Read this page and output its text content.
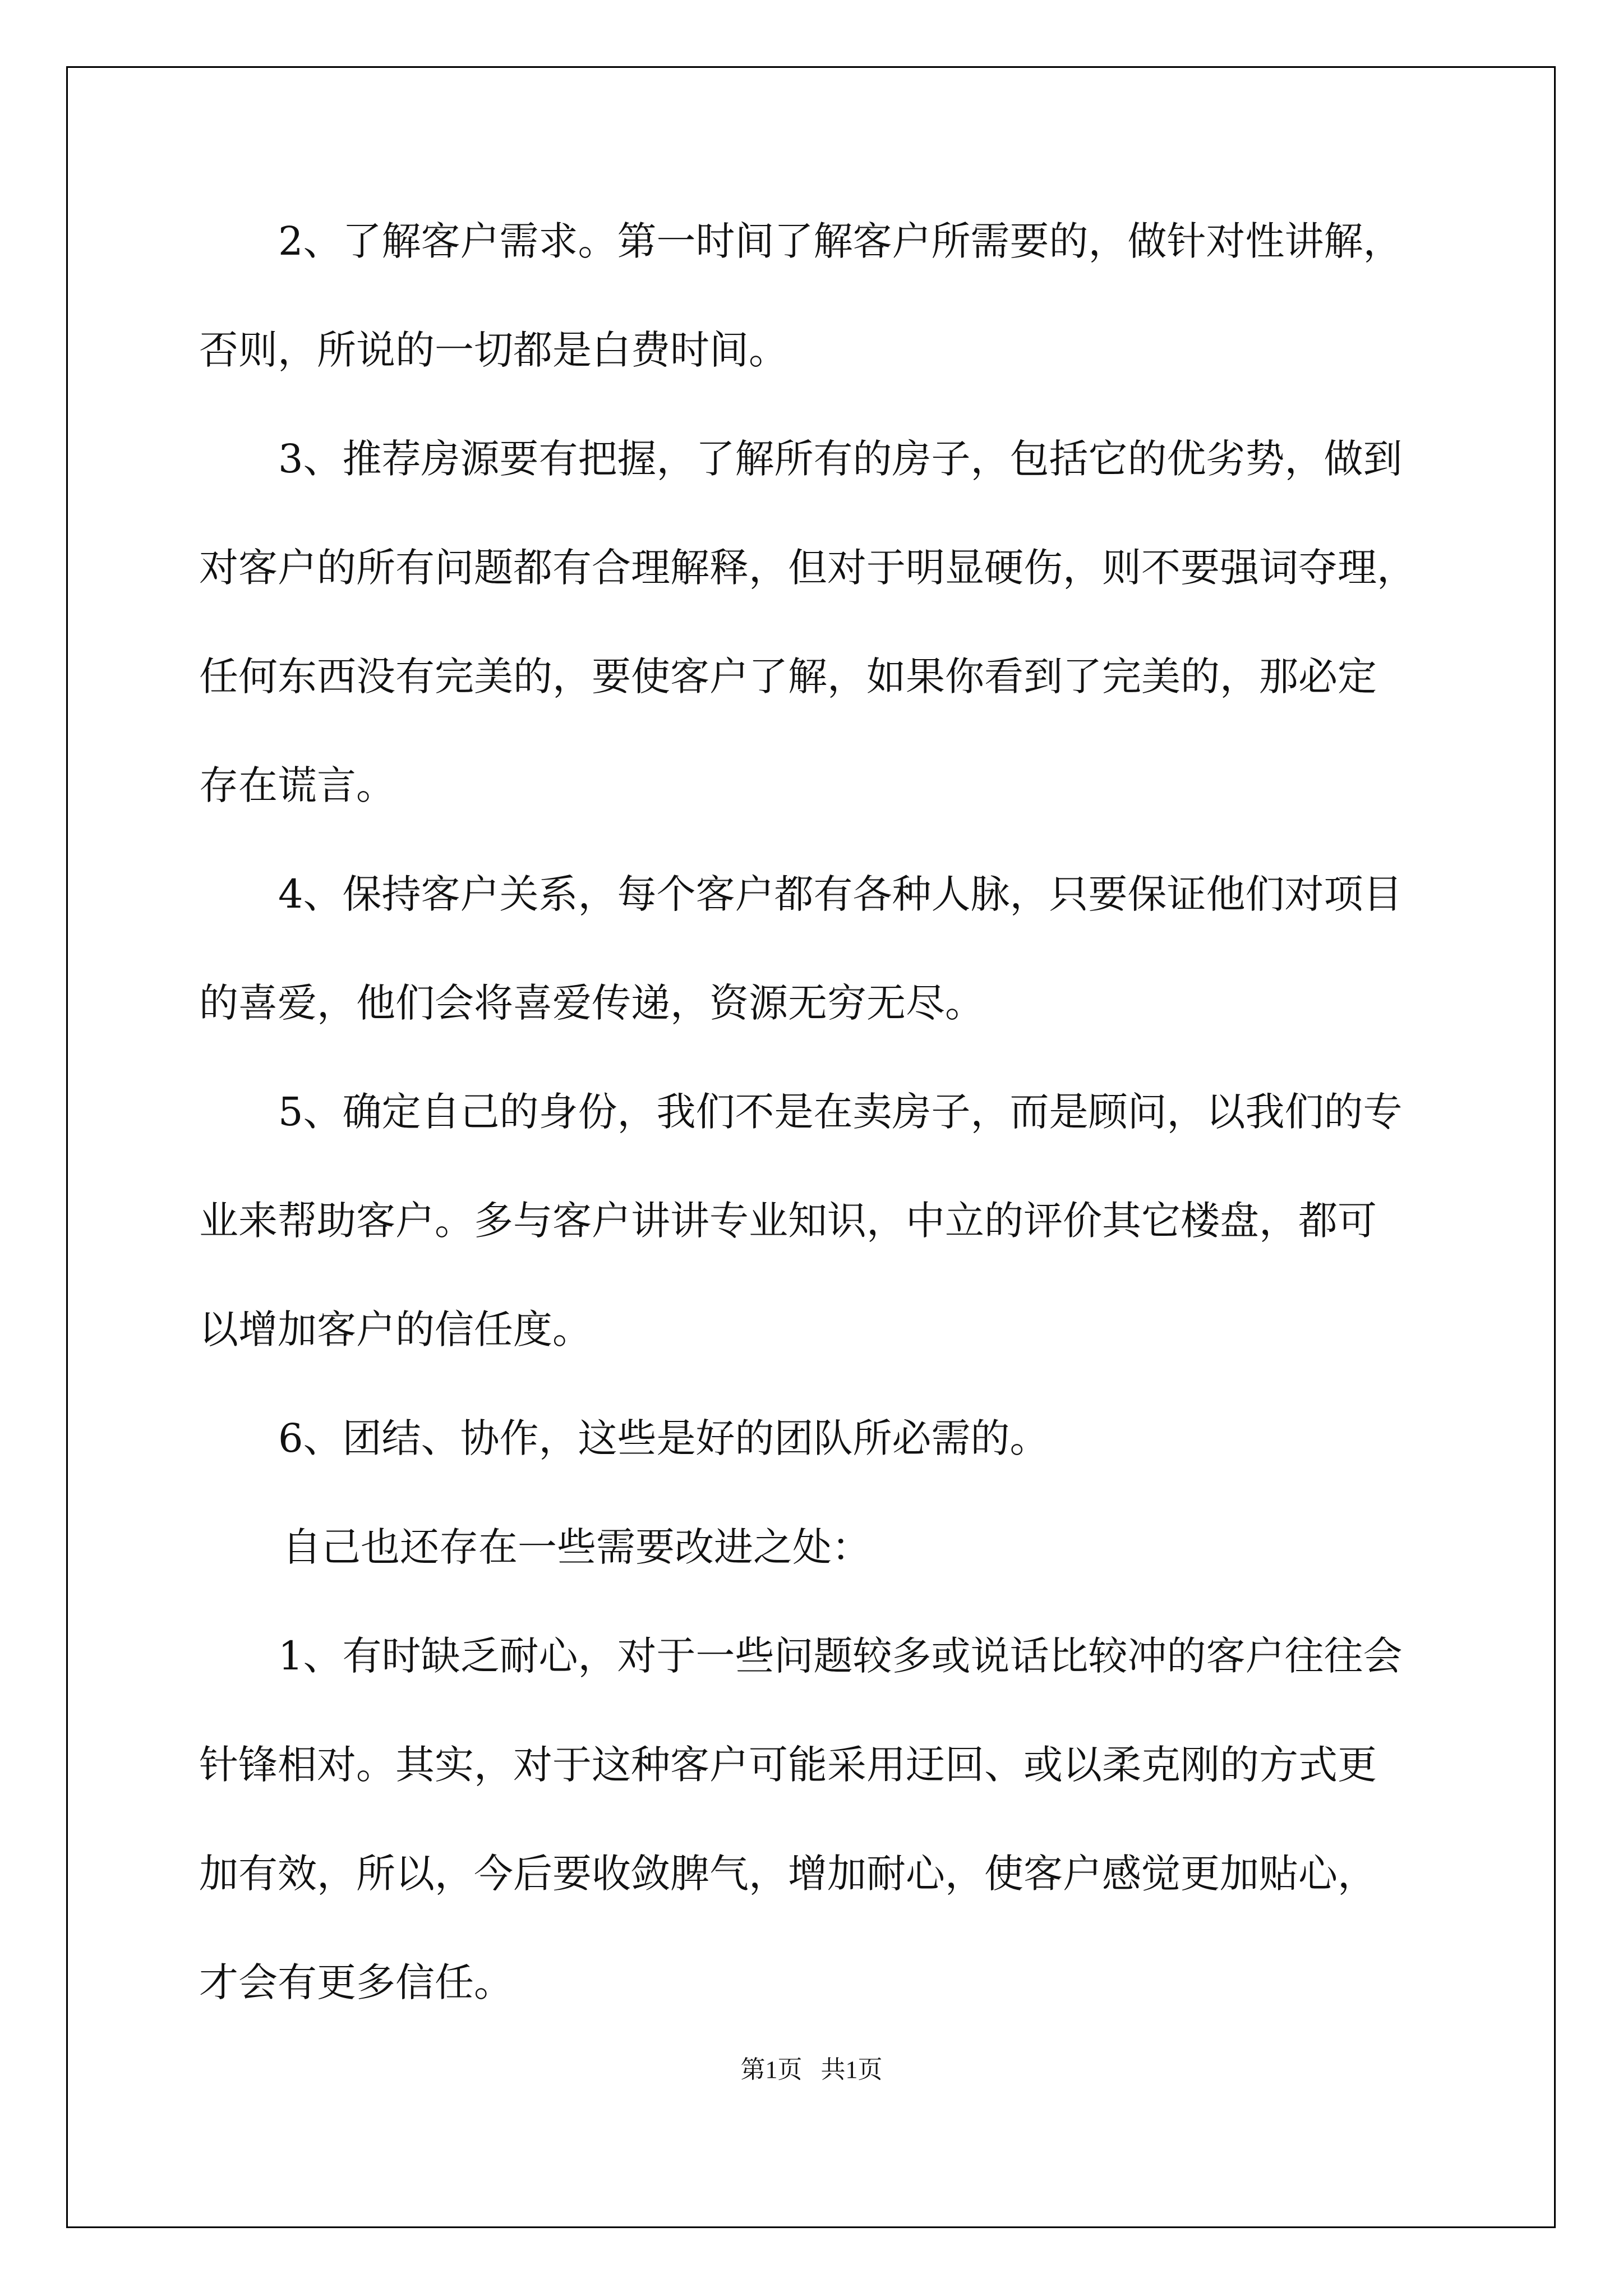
2、了解客户需求。第一时间了解客户所需要的，做针对性讲解，
否则，所说的一切都是白费时间。
3、推荐房源要有把握，了解所有的房子，包括它的优劣势，做到
对客户的所有问题都有合理解释，但对于明显硬伤，则不要强词夺理，
任何东西没有完美的，要使客户了解，如果你看到了完美的，那必定
存在谎言。
4、保持客户关系，每个客户都有各种人脉，只要保证他们对项目
的喜爱，他们会将喜爱传递，资源无穷无尽。
5、确定自己的身份，我们不是在卖房子，而是顾问，以我们的专
业来帮助客户。多与客户讲讲专业知识，中立的评价其它楼盘，都可
以增加客户的信任度。
6、团结、协作，这些是好的团队所必需的。
自己也还存在一些需要改进之处：
1、有时缺乏耐心，对于一些问题较多或说话比较冲的客户往往会
针锋相对。其实，对于这种客户可能采用迂回、或以柔克刚的方式更
加有效，所以，今后要收敛脾气，增加耐心，使客户感觉更加贴心，
才会有更多信任。
第1页   共1页
